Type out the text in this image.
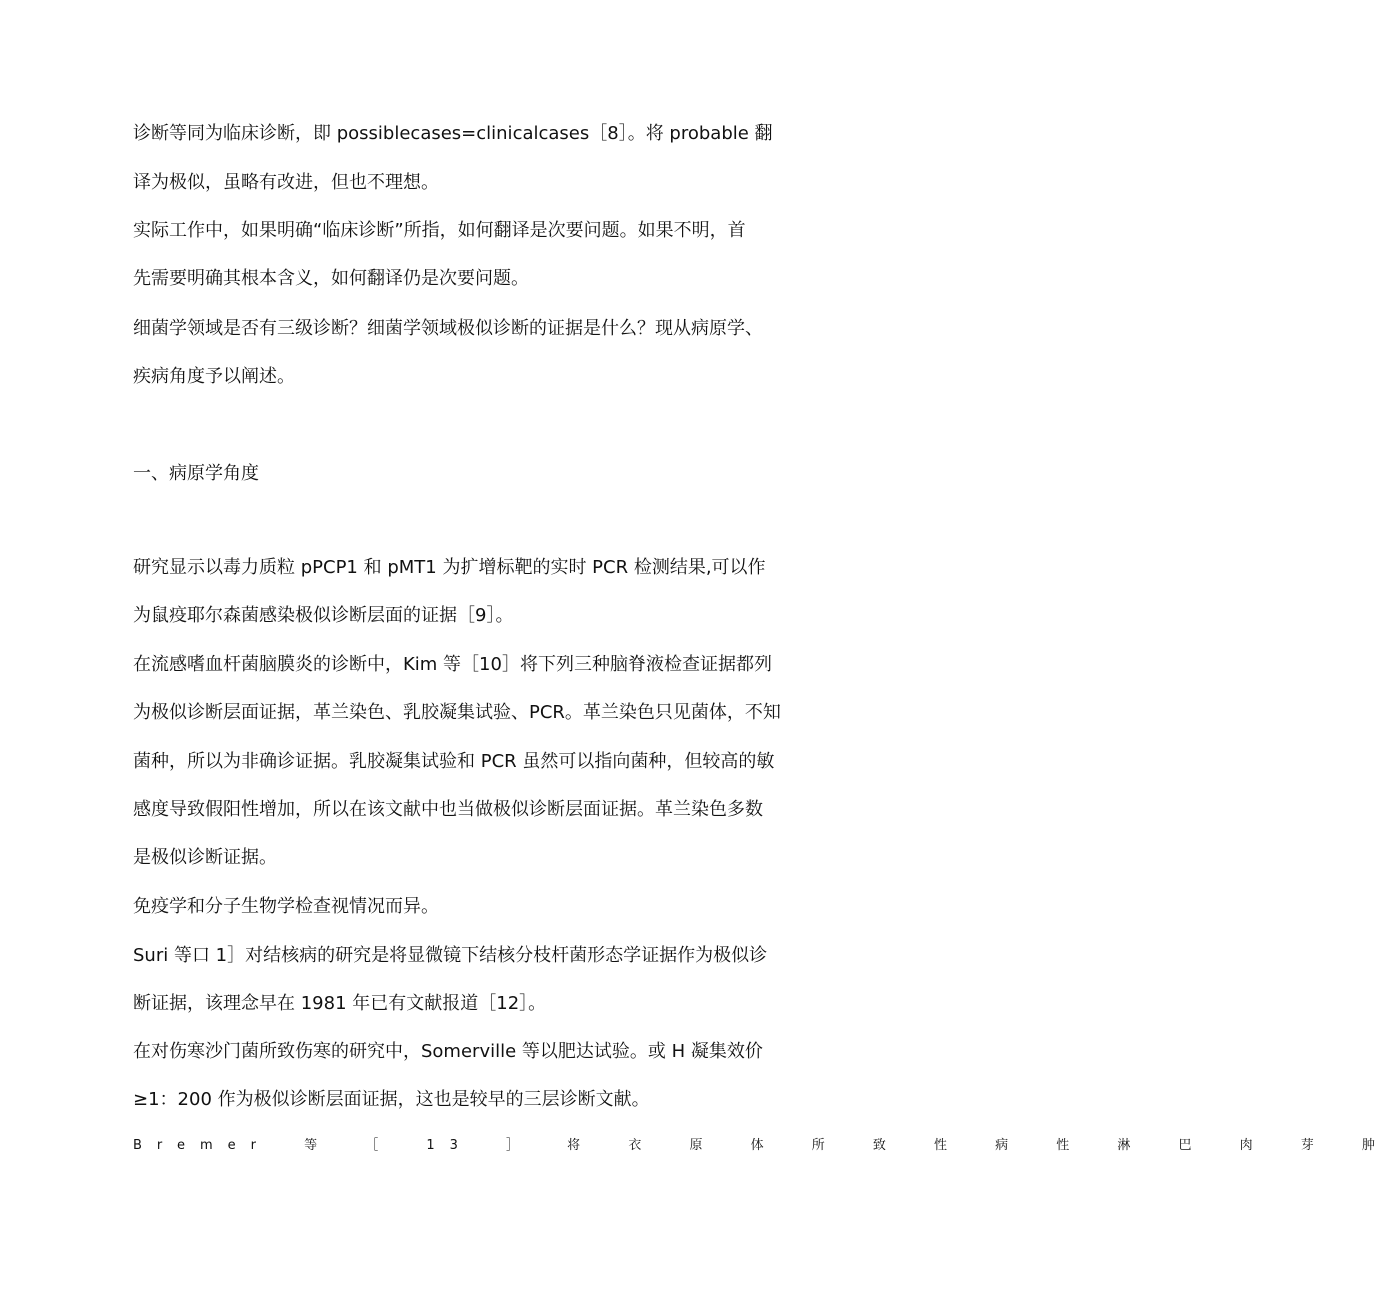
诊断等同为临床诊断，即 possiblecases=clinicalcases［8］。将 probable 翻
译为极似，虽略有改进，但也不理想。
实际工作中，如果明确“临床诊断”所指，如何翻译是次要问题。如果不明，首
先需要明确其根本含义，如何翻译仍是次要问题。
细菌学领域是否有三级诊断？细菌学领域极似诊断的证据是什么？现从病原学、
疾病角度予以阐述。
一、病原学角度
研究显示以毒力质粒 pPCP1 和 pMT1 为扩增标靶的实时 PCR 检测结果,可以作
为鼠疫耶尔森菌感染极似诊断层面的证据［9］。
在流感嗜血杆菌脑膜炎的诊断中，Kim 等［10］将下列三种脑脊液检查证据都列
为极似诊断层面证据，革兰染色、乳胶凝集试验、PCR。革兰染色只见菌体，不知
菌种，所以为非确诊证据。乳胶凝集试验和 PCR 虽然可以指向菌种，但较高的敏
感度导致假阳性增加，所以在该文献中也当做极似诊断层面证据。革兰染色多数
是极似诊断证据。
免疫学和分子生物学检查视情况而异。
Suri 等口 1］对结核病的研究是将显微镜下结核分枝杆菌形态学证据作为极似诊
断证据，该理念早在 1981 年已有文献报道［12］。
在对伤寒沙门菌所致伤寒的研究中，Somerville 等以肥达试验。或 H 凝集效价
≥1：200 作为极似诊断层面证据，这也是较早的三层诊断文献。
Bremer 等 ［ 13 ］ 将 衣 原 体 所 致 性 病 性 淋 巴 肉 芽 肿
